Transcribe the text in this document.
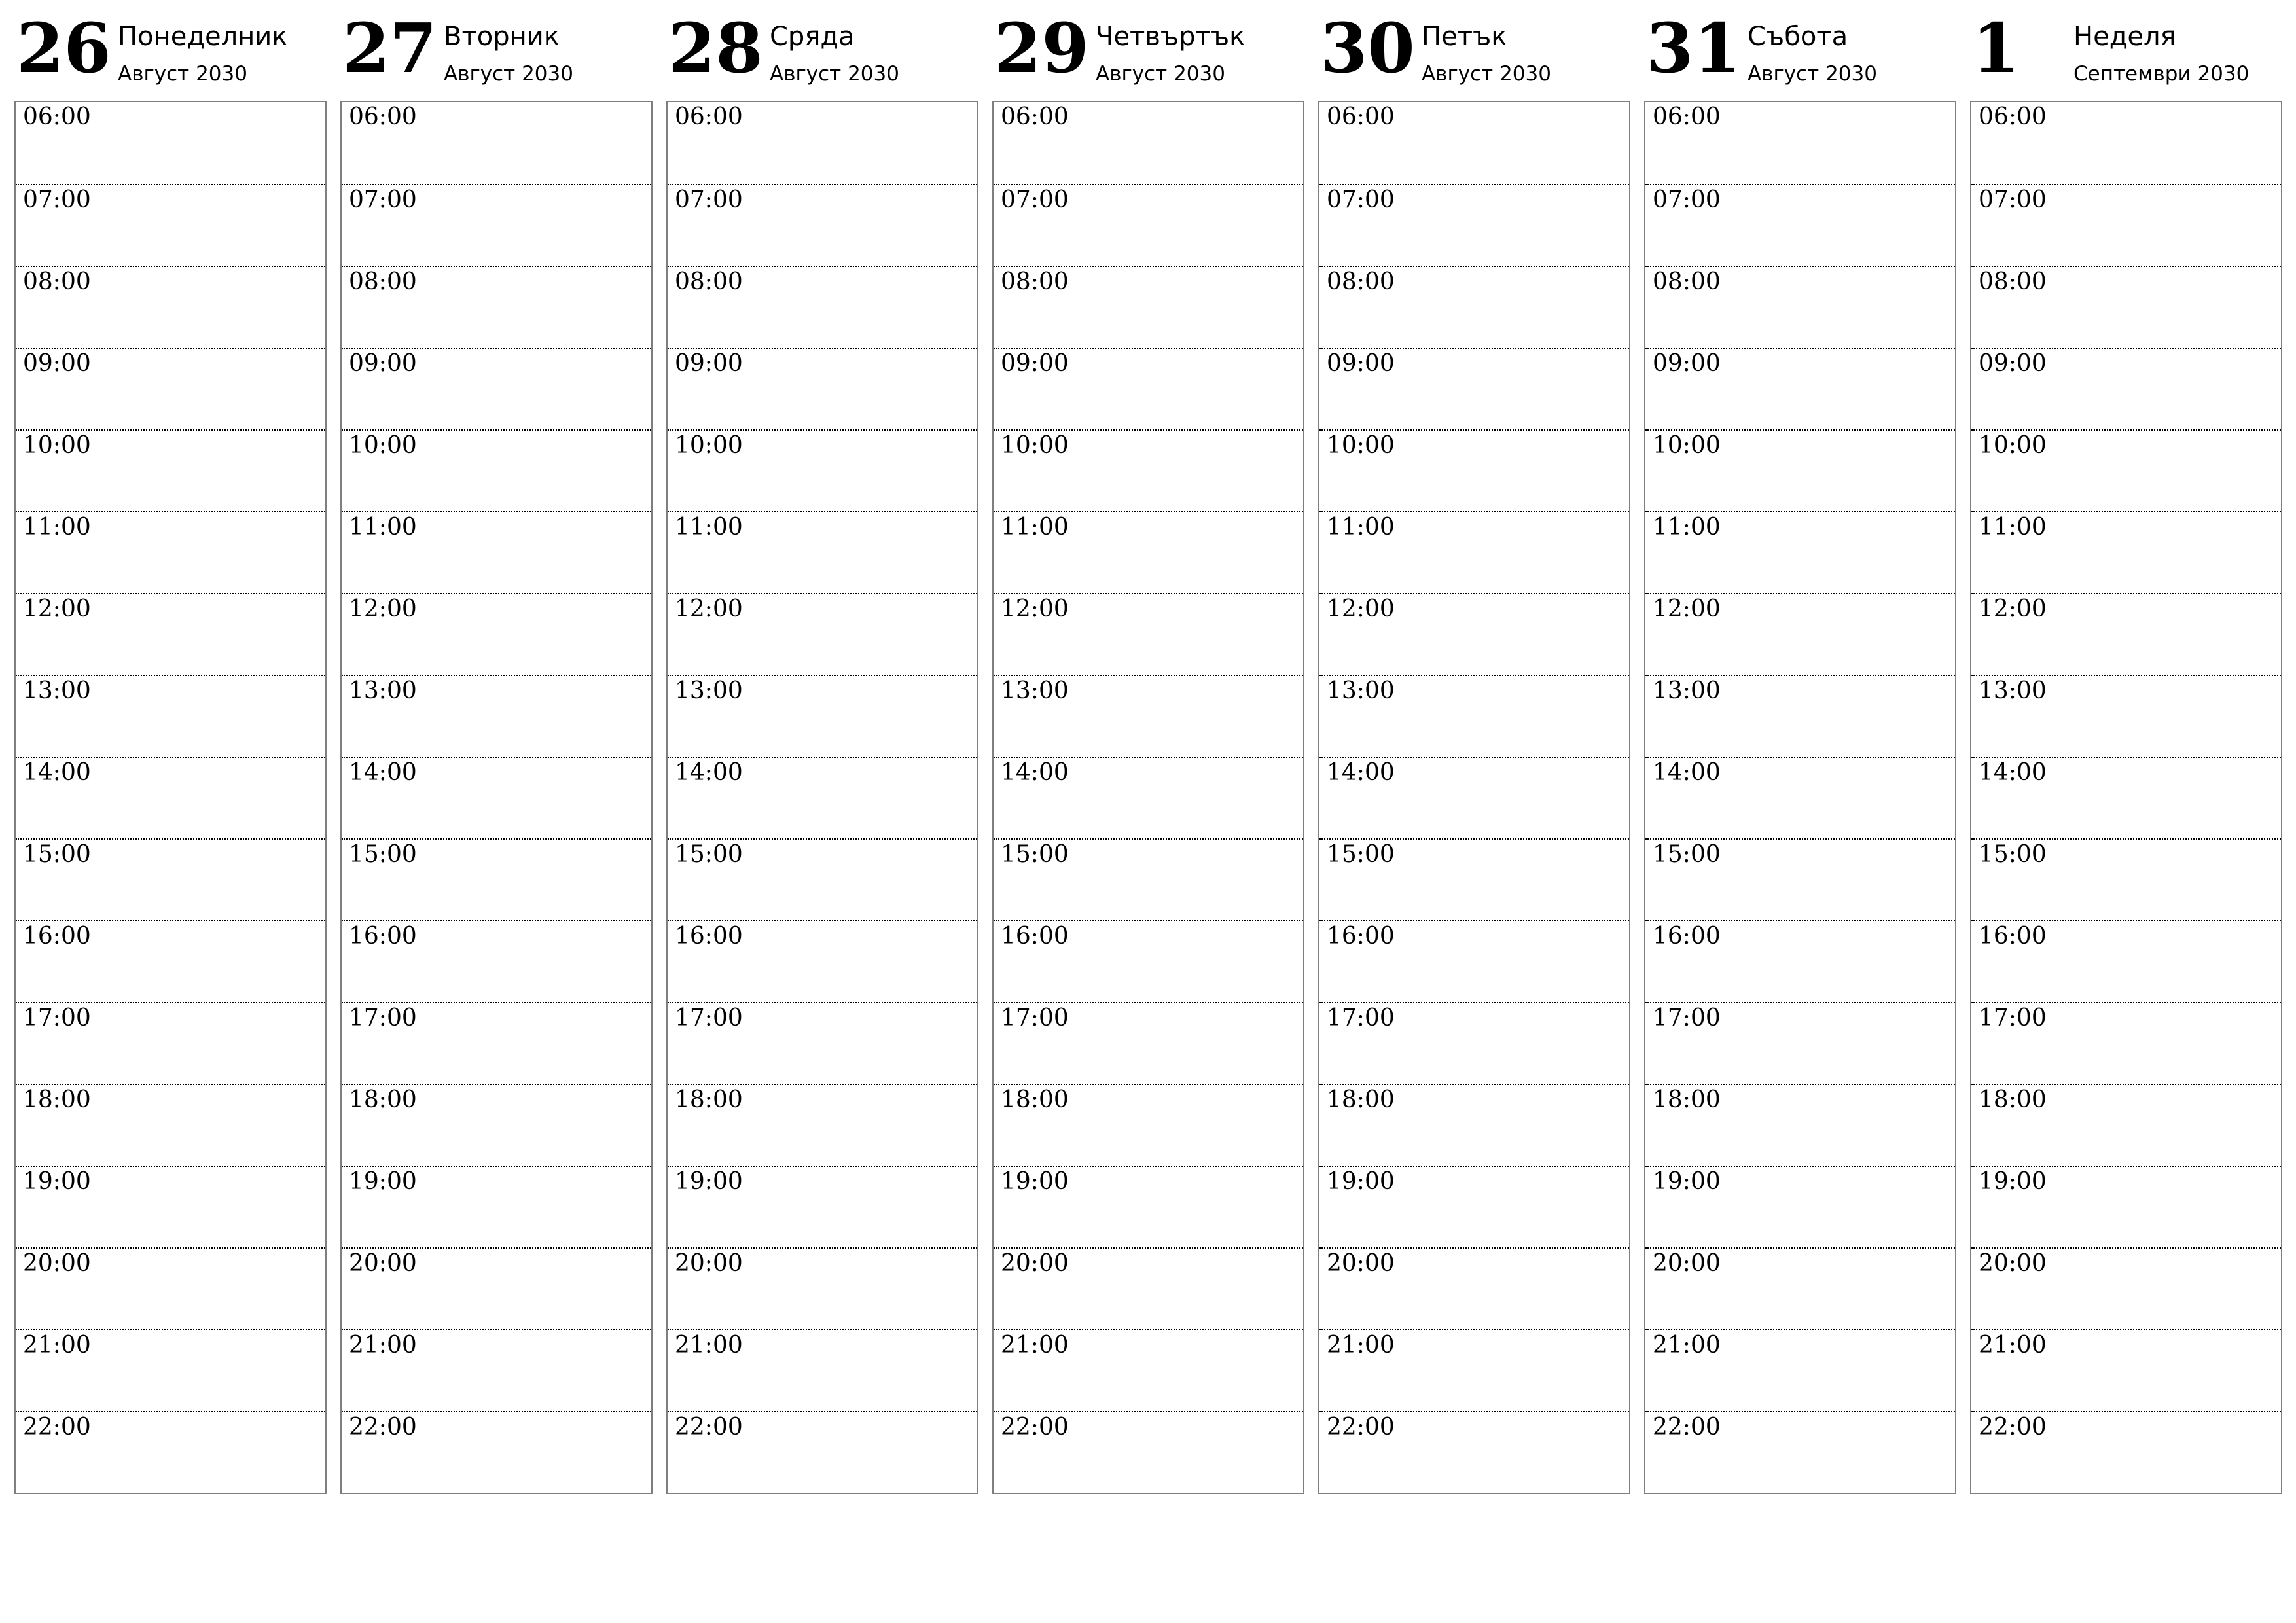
26 Понеделник
Август 2030
06:00
07:00
08:00
09:00
10:00
11:00
12:00
13:00
14:00
15:00
16:00
17:00
18:00
19:00
20:00
21:00
22:00
27 Вторник
Август 2030
06:00
07:00
08:00
09:00
10:00
11:00
12:00
13:00
14:00
15:00
16:00
17:00
18:00
19:00
20:00
21:00
22:00
28 Сряда
Август 2030
06:00
07:00
08:00
09:00
10:00
11:00
12:00
13:00
14:00
15:00
16:00
17:00
18:00
19:00
20:00
21:00
22:00
29 Четвъртък
Август 2030
06:00
07:00
08:00
09:00
10:00
11:00
12:00
13:00
14:00
15:00
16:00
17:00
18:00
19:00
20:00
21:00
22:00
30 Петък
Август 2030
06:00
07:00
08:00
09:00
10:00
11:00
12:00
13:00
14:00
15:00
16:00
17:00
18:00
19:00
20:00
21:00
22:00
31 Събота
Август 2030
06:00
07:00
08:00
09:00
10:00
11:00
12:00
13:00
14:00
15:00
16:00
17:00
18:00
19:00
20:00
21:00
22:00
1 Неделя
Септември 2030
06:00
07:00
08:00
09:00
10:00
11:00
12:00
13:00
14:00
15:00
16:00
17:00
18:00
19:00
20:00
21:00
22:00
